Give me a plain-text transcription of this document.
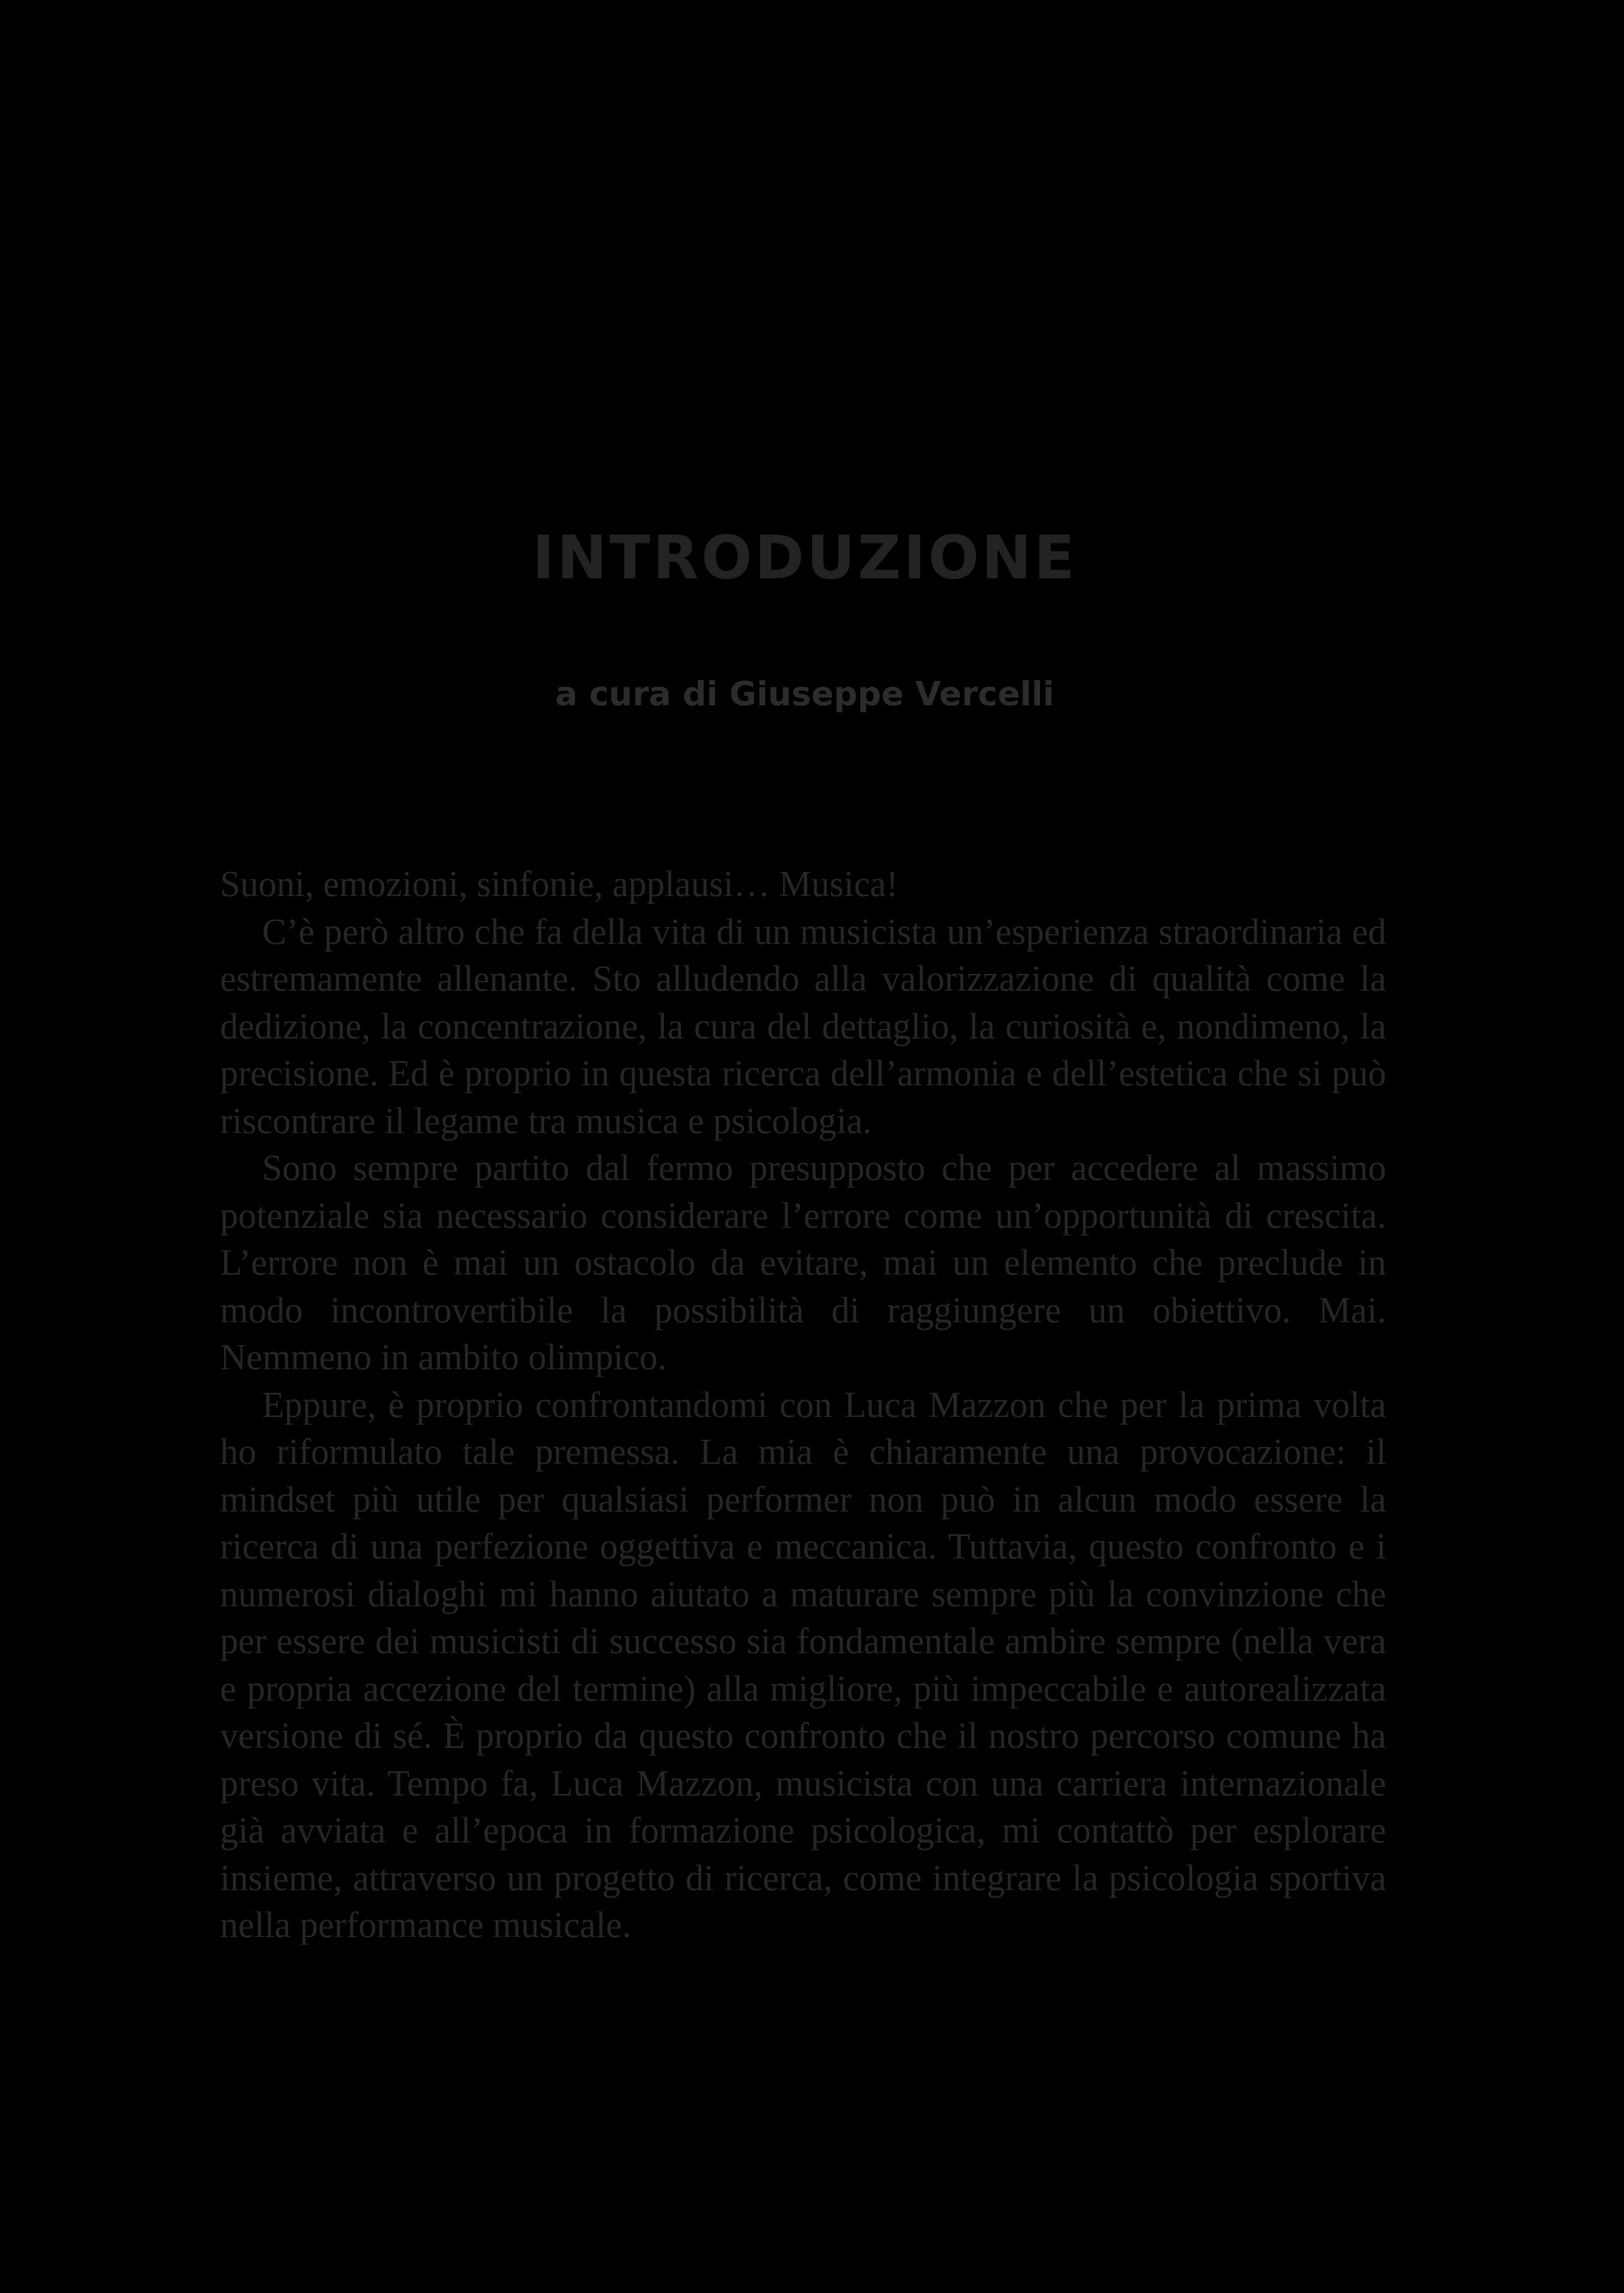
INTRODUZIONE
a cura di Giuseppe Vercelli

Suoni, emozioni, sinfonie, applausi… Musica!

C’è però altro che fa della vita di un musicista un’esperienza straordinaria ed estremamente allenante. Sto alludendo alla valorizzazione di qualità come la dedizione, la concentrazione, la cura del dettaglio, la curiosità e, nondimeno, la precisione. Ed è proprio in questa ricerca dell’armonia e dell’estetica che si può riscontrare il legame tra musica e psicologia.

Sono sempre partito dal fermo presupposto che per accedere al massimo potenziale sia necessario considerare l’errore come un’opportunità di crescita. L’errore non è mai un ostacolo da evitare, mai un elemento che preclude in modo incontrovertibile la possibilità di raggiungere un obiettivo. Mai. Nemmeno in ambito olimpico.

Eppure, è proprio confrontandomi con Luca Mazzon che per la prima volta ho riformulato tale premessa. La mia è chiaramente una provocazione: il mindset più utile per qualsiasi performer non può in alcun modo essere la ricerca di una perfezione oggettiva e meccanica. Tuttavia, questo confronto e i numerosi dialoghi mi hanno aiutato a maturare sempre più la convinzione che per essere dei musicisti di successo sia fondamentale ambire sempre (nella vera e propria accezione del termine) alla migliore, più impeccabile e autorealizzata versione di sé. È proprio da questo confronto che il nostro percorso comune ha preso vita. Tempo fa, Luca Mazzon, musicista con una carriera internazionale già avviata e all’epoca in formazione psicologica, mi contattò per esplorare insieme, attraverso un progetto di ricerca, come integrare la psicologia sportiva nella performance musicale.
